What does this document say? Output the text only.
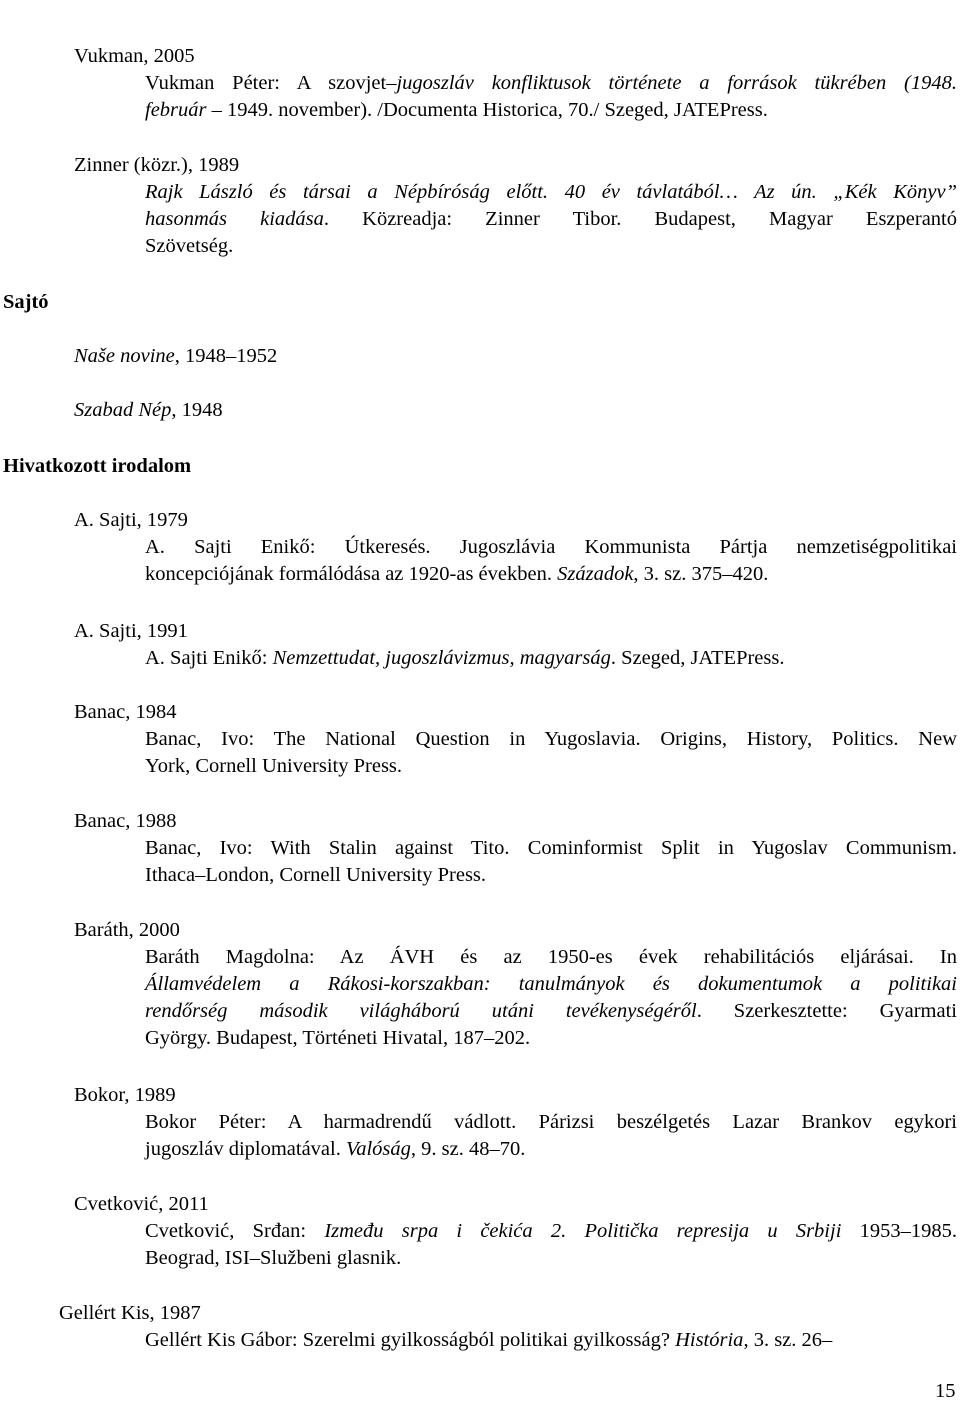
Vukman, 2005
Vukman Péter: A szovjet–jugoszláv konfliktusok története a források tükrében (1948.
február – 1949. november). /Documenta Historica, 70./ Szeged, JATEPress.
Zinner (közr.), 1989
Rajk László és társai a Népbíróság előtt. 40 év távlatából… Az ún. „Kék Könyv”
hasonmás kiadása. Közreadja: Zinner Tibor. Budapest, Magyar Eszperantó
Szövetség.
Sajtó
Naše novine, 1948–1952
Szabad Nép, 1948
Hivatkozott irodalom
A. Sajti, 1979
A. Sajti Enikő: Útkeresés. Jugoszlávia Kommunista Pártja nemzetiségpolitikai
koncepciójának formálódása az 1920-as években. Századok, 3. sz. 375–420.
A. Sajti, 1991
A. Sajti Enikő: Nemzettudat, jugoszlávizmus, magyarság. Szeged, JATEPress.
Banac, 1984
Banac, Ivo: The National Question in Yugoslavia. Origins, History, Politics. New
York, Cornell University Press.
Banac, 1988
Banac, Ivo: With Stalin against Tito. Cominformist Split in Yugoslav Communism.
Ithaca–London, Cornell University Press.
Baráth, 2000
Baráth Magdolna: Az ÁVH és az 1950-es évek rehabilitációs eljárásai. In
Államvédelem a Rákosi-korszakban: tanulmányok és dokumentumok a politikai
rendőrség második világháború utáni tevékenységéről. Szerkesztette: Gyarmati
György. Budapest, Történeti Hivatal, 187–202.
Bokor, 1989
Bokor Péter: A harmadrendű vádlott. Párizsi beszélgetés Lazar Brankov egykori
jugoszláv diplomatával. Valóság, 9. sz. 48–70.
Cvetković, 2011
Cvetković, Srđan: Između srpa i čekića 2. Politička represija u Srbiji 1953–1985.
Beograd, ISI–Službeni glasnik.
Gellért Kis, 1987
Gellért Kis Gábor: Szerelmi gyilkosságból politikai gyilkosság? História, 3. sz. 26–
15
